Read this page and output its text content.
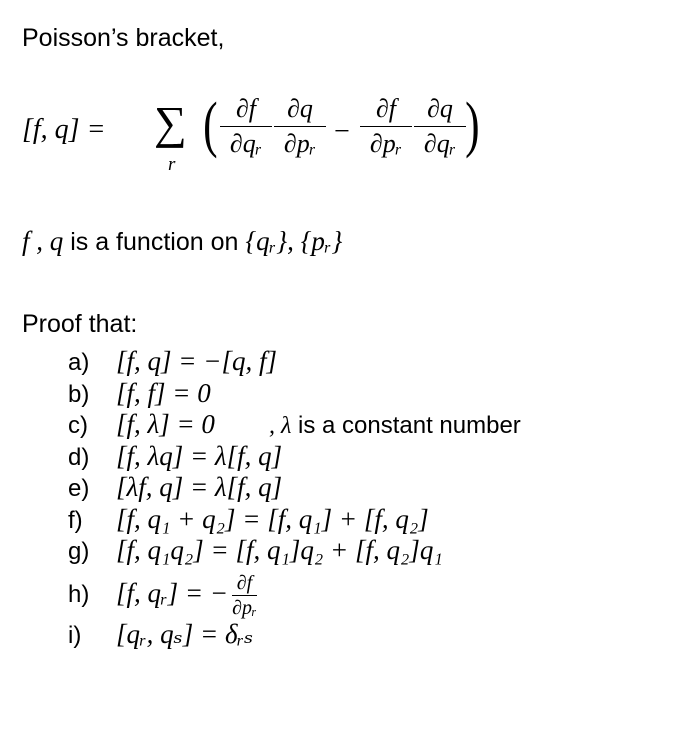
Poisson’s bracket,
[f, q] = ∑
r
( ∂f
∂qᵣ
∂q
∂pᵣ −
∂f
∂pᵣ
∂q
∂qᵣ )
f , q is a function on {qᵣ}, {pᵣ}
Proof that:
a) [f, q] = −[q, f]
b) [f, f] = 0
c) [f, λ] = 0 , λ is a constant number
d) [f, λq] = λ[f, q]
e) [λf, q] = λ[f, q]
f) [f, q₁ + q₂] = [f, q₁] + [f, q₂]
g) [f, q₁q₂] = [f, q₁]q₂ + [f, q₂]q₁
h) [f, qᵣ] = − $\frac{\partial f}{\text{∂pᵣ}}$
i) [qᵣ, qₛ] = δᵣₛ
